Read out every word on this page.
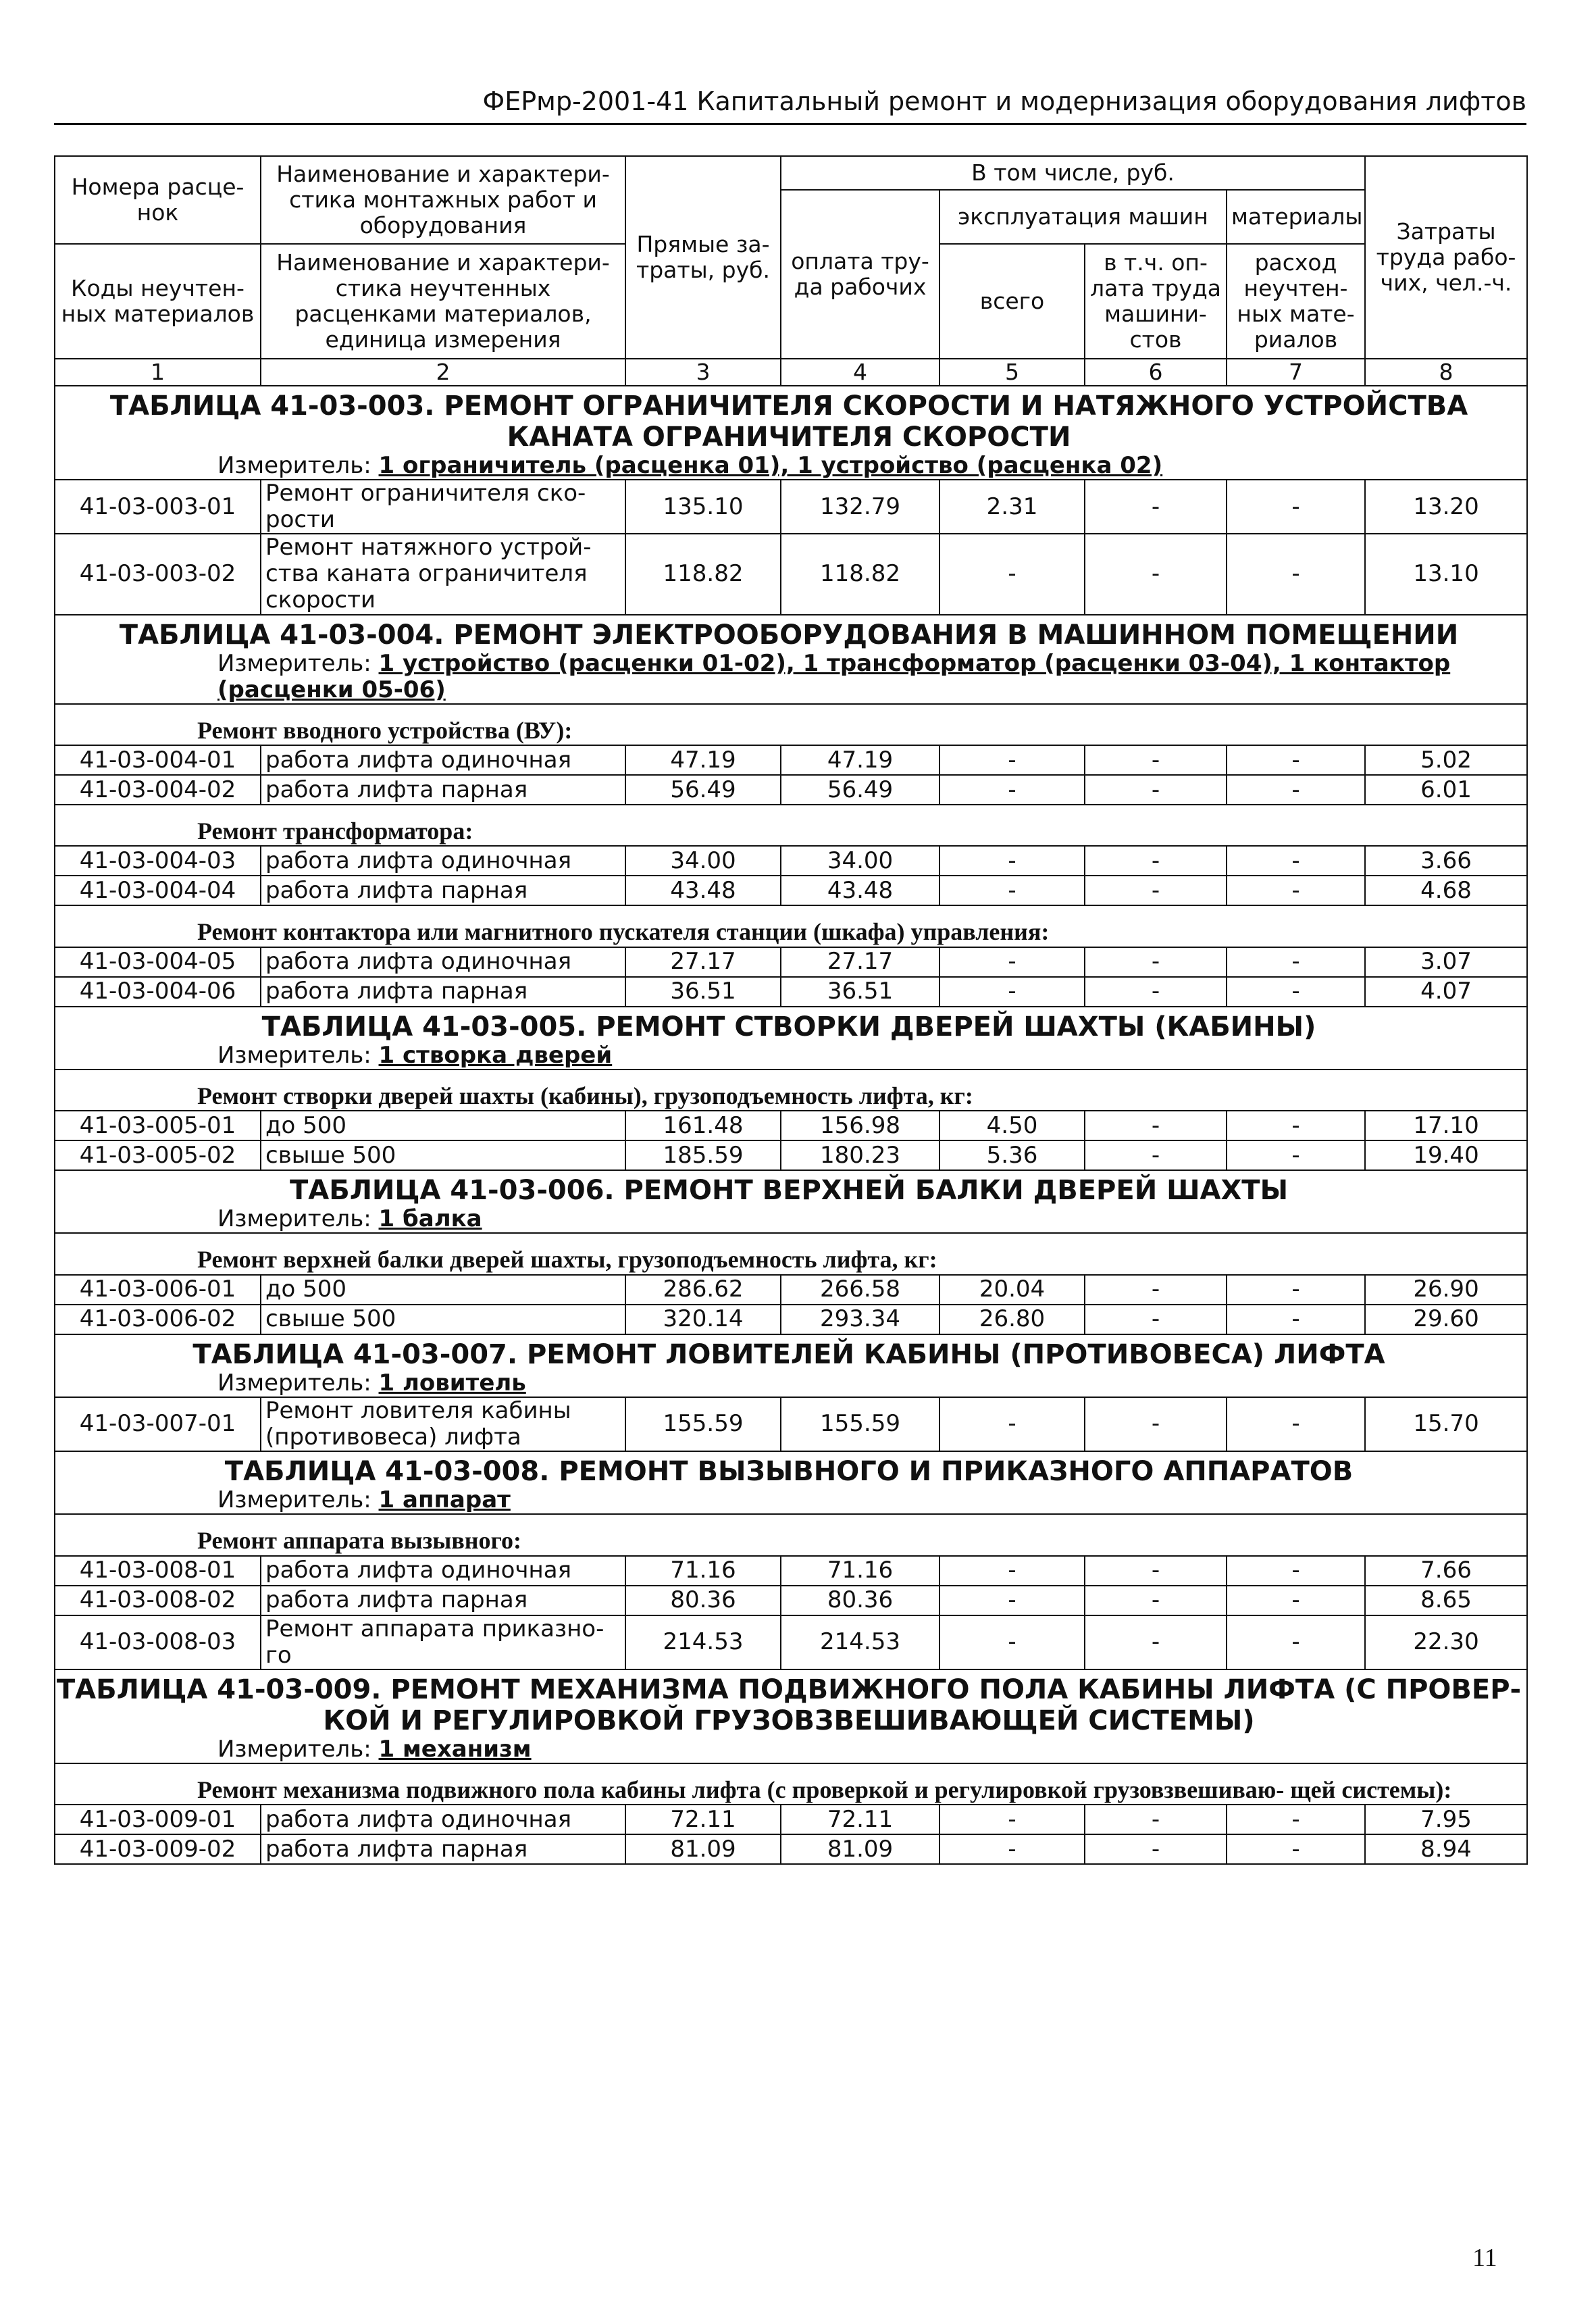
ФЕРмр-2001-41 Капитальный ремонт и модернизация оборудования лифтов
Номера расце- нок	Наименование и характери- стика монтажных работ и оборудования	Прямые за- траты, руб.	В том числе, руб.				Затраты труда рабо- чих, чел.-ч.
			оплата тру- да рабочих	эксплуатация машин		материалы	
Коды неучтен- ных материалов	Наименование и характери- стика неучтенных расценками материалов, единица измерения			всего	в т.ч. оп- лата труда машини- стов	расход неучтен- ных мате- риалов	

1	2	3	4	5	6	7	8
ТАБЛИЦА 41-03-003. РЕМОНТ ОГРАНИЧИТЕЛЯ СКОРОСТИ И НАТЯЖНОГО УСТРОЙСТВА КАНАТА ОГРАНИЧИТЕЛЯ СКОРОСТИ							
Измеритель: 1 ограничитель (расценка 01), 1 устройство (расценка 02)							
41-03-003-01	Ремонт ограничителя ско- рости	135.10	132.79	2.31	-	-	13.20
41-03-003-02	Ремонт натяжного устрой- ства каната ограничителя скорости	118.82	118.82	-	-	-	13.10
ТАБЛИЦА 41-03-004. РЕМОНТ ЭЛЕКТРООБОРУДОВАНИЯ В МАШИННОМ ПОМЕЩЕНИИ							
Измеритель: 1 устройство (расценки 01-02), 1 трансформатор (расценки 03-04), 1 контактор (расценки 05-06)							
Ремонт вводного устройства (ВУ):							
41-03-004-01	работа лифта одиночная	47.19	47.19	-	-	-	5.02
41-03-004-02	работа лифта парная	56.49	56.49	-	-	-	6.01
Ремонт трансформатора:							
41-03-004-03	работа лифта одиночная	34.00	34.00	-	-	-	3.66
41-03-004-04	работа лифта парная	43.48	43.48	-	-	-	4.68
Ремонт контактора или магнитного пускателя станции (шкафа) управления:							
41-03-004-05	работа лифта одиночная	27.17	27.17	-	-	-	3.07
41-03-004-06	работа лифта парная	36.51	36.51	-	-	-	4.07
ТАБЛИЦА 41-03-005. РЕМОНТ СТВОРКИ ДВЕРЕЙ ШАХТЫ (КАБИНЫ)							
Измеритель: 1 створка дверей							
Ремонт створки дверей шахты (кабины), грузоподъемность лифта, кг:							
41-03-005-01	до 500	161.48	156.98	4.50	-	-	17.10
41-03-005-02	свыше 500	185.59	180.23	5.36	-	-	19.40
ТАБЛИЦА 41-03-006. РЕМОНТ ВЕРХНЕЙ БАЛКИ ДВЕРЕЙ ШАХТЫ							
Измеритель: 1 балка							
Ремонт верхней балки дверей шахты, грузоподъемность лифта, кг:							
41-03-006-01	до 500	286.62	266.58	20.04	-	-	26.90
41-03-006-02	свыше 500	320.14	293.34	26.80	-	-	29.60
ТАБЛИЦА 41-03-007. РЕМОНТ ЛОВИТЕЛЕЙ КАБИНЫ (ПРОТИВОВЕСА) ЛИФТА							
Измеритель: 1 ловитель							
41-03-007-01	Ремонт ловителя кабины (противовеса) лифта	155.59	155.59	-	-	-	15.70
ТАБЛИЦА 41-03-008. РЕМОНТ ВЫЗЫВНОГО И ПРИКАЗНОГО АППАРАТОВ							
Измеритель: 1 аппарат							
Ремонт аппарата вызывного:							
41-03-008-01	работа лифта одиночная	71.16	71.16	-	-	-	7.66
41-03-008-02	работа лифта парная	80.36	80.36	-	-	-	8.65
41-03-008-03	Ремонт аппарата приказно- го	214.53	214.53	-	-	-	22.30
ТАБЛИЦА 41-03-009. РЕМОНТ МЕХАНИЗМА ПОДВИЖНОГО ПОЛА КАБИНЫ ЛИФТА (С ПРОВЕР- КОЙ И РЕГУЛИРОВКОЙ ГРУЗОВЗВЕШИВАЮЩЕЙ СИСТЕМЫ)							
Измеритель: 1 механизм							
Ремонт механизма подвижного пола кабины лифта (с проверкой и регулировкой грузовзвешиваю- щей системы):							
41-03-009-01	работа лифта одиночная	72.11	72.11	-	-	-	7.95
41-03-009-02	работа лифта парная	81.09	81.09	-	-	-	8.94
11
